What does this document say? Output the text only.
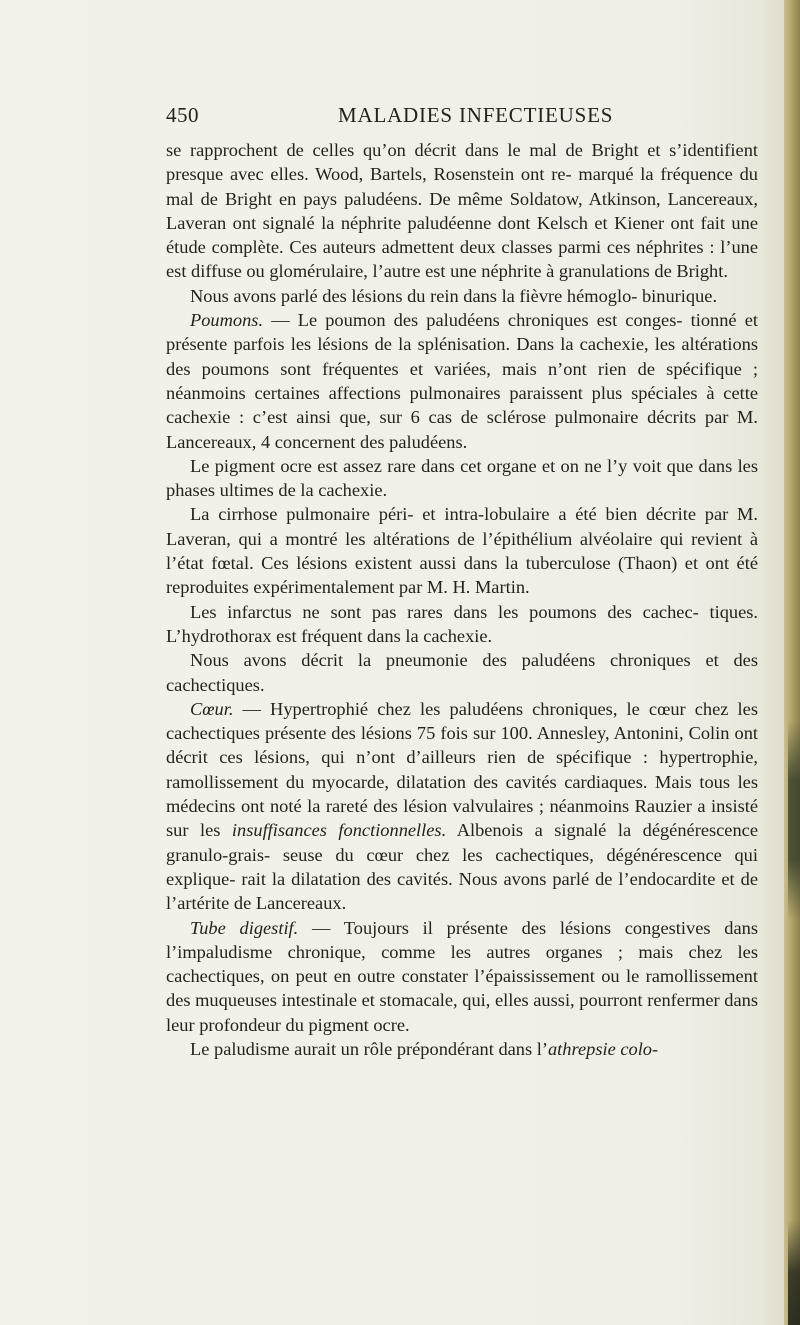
450	MALADIES INFECTIEUSES

se rapprochent de celles qu’on décrit dans le mal de Bright et s’identifient presque avec elles. Wood, Bartels, Rosenstein ont re- marqué la fréquence du mal de Bright en pays paludéens. De même Soldatow, Atkinson, Lancereaux, Laveran ont signalé la néphrite paludéenne dont Kelsch et Kiener ont fait une étude complète. Ces auteurs admettent deux classes parmi ces néphrites : l’une est diffuse ou glomérulaire, l’autre est une néphrite à granulations de Bright.

Nous avons parlé des lésions du rein dans la fièvre hémoglo- binurique.

Poumons. — Le poumon des paludéens chroniques est conges- tionné et présente parfois les lésions de la splénisation. Dans la cachexie, les altérations des poumons sont fréquentes et variées, mais n’ont rien de spécifique ; néanmoins certaines affections pulmonaires paraissent plus spéciales à cette cachexie : c’est ainsi que, sur 6 cas de sclérose pulmonaire décrits par M. Lancereaux, 4 concernent des paludéens.

Le pigment ocre est assez rare dans cet organe et on ne l’y voit que dans les phases ultimes de la cachexie.

La cirrhose pulmonaire péri- et intra-lobulaire a été bien décrite par M. Laveran, qui a montré les altérations de l’épithélium alvéolaire qui revient à l’état fœtal. Ces lésions existent aussi dans la tuberculose (Thaon) et ont été reproduites expérimentalement par M. H. Martin.

Les infarctus ne sont pas rares dans les poumons des cachec- tiques. L’hydrothorax est fréquent dans la cachexie.

Nous avons décrit la pneumonie des paludéens chroniques et des cachectiques.

Cœur. — Hypertrophié chez les paludéens chroniques, le cœur chez les cachectiques présente des lésions 75 fois sur 100. Annesley, Antonini, Colin ont décrit ces lésions, qui n’ont d’ailleurs rien de spécifique : hypertrophie, ramollissement du myocarde, dilatation des cavités cardiaques. Mais tous les médecins ont noté la rareté des lésion valvulaires ; néanmoins Rauzier a insisté sur les insuffisances fonctionnelles. Albenois a signalé la dégénérescence granulo-grais- seuse du cœur chez les cachectiques, dégénérescence qui explique- rait la dilatation des cavités. Nous avons parlé de l’endocardite et de l’artérite de Lancereaux.

Tube digestif. — Toujours il présente des lésions congestives dans l’impaludisme chronique, comme les autres organes ; mais chez les cachectiques, on peut en outre constater l’épaississement ou le ramollissement des muqueuses intestinale et stomacale, qui, elles aussi, pourront renfermer dans leur profondeur du pigment ocre.

Le paludisme aurait un rôle prépondérant dans l’athrepsie colo-
